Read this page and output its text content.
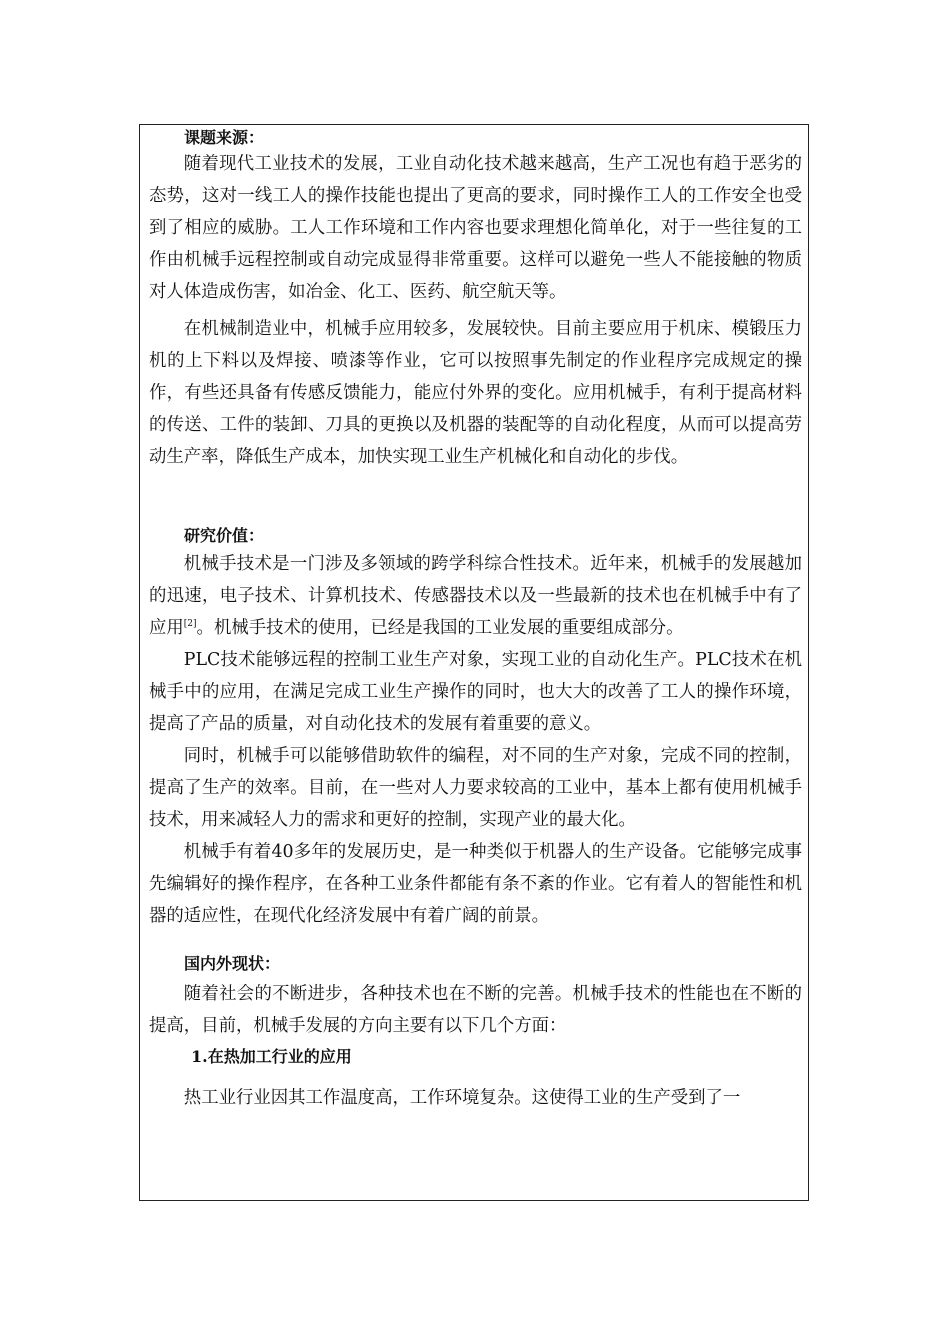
课题来源：

随着现代工业技术的发展，工业自动化技术越来越高，生产工况也有趋于恶劣的态势，这对一线工人的操作技能也提出了更高的要求，同时操作工人的工作安全也受到了相应的威胁。工人工作环境和工作内容也要求理想化简单化，对于一些往复的工作由机械手远程控制或自动完成显得非常重要。这样可以避免一些人不能接触的物质对人体造成伤害，如冶金、化工、医药、航空航天等。

在机械制造业中，机械手应用较多，发展较快。目前主要应用于机床、模锻压力机的上下料以及焊接、喷漆等作业，它可以按照事先制定的作业程序完成规定的操作，有些还具备有传感反馈能力，能应付外界的变化。应用机械手，有利于提高材料的传送、工件的装卸、刀具的更换以及机器的装配等的自动化程度，从而可以提高劳动生产率，降低生产成本，加快实现工业生产机械化和自动化的步伐。

研究价值：

机械手技术是一门涉及多领域的跨学科综合性技术。近年来，机械手的发展越加的迅速，电子技术、计算机技术、传感器技术以及一些最新的技术也在机械手中有了应用[2]。机械手技术的使用，已经是我国的工业发展的重要组成部分。

PLC技术能够远程的控制工业生产对象，实现工业的自动化生产。PLC技术在机械手中的应用，在满足完成工业生产操作的同时，也大大的改善了工人的操作环境，提高了产品的质量，对自动化技术的发展有着重要的意义。

同时，机械手可以能够借助软件的编程，对不同的生产对象，完成不同的控制，提高了生产的效率。目前，在一些对人力要求较高的工业中，基本上都有使用机械手技术，用来减轻人力的需求和更好的控制，实现产业的最大化。

机械手有着40多年的发展历史，是一种类似于机器人的生产设备。它能够完成事先编辑好的操作程序，在各种工业条件都能有条不紊的作业。它有着人的智能性和机器的适应性，在现代化经济发展中有着广阔的前景。

国内外现状：

随着社会的不断进步，各种技术也在不断的完善。机械手技术的性能也在不断的提高，目前，机械手发展的方向主要有以下几个方面：

1.在热加工行业的应用

热工业行业因其工作温度高，工作环境复杂。这使得工业的生产受到了一
